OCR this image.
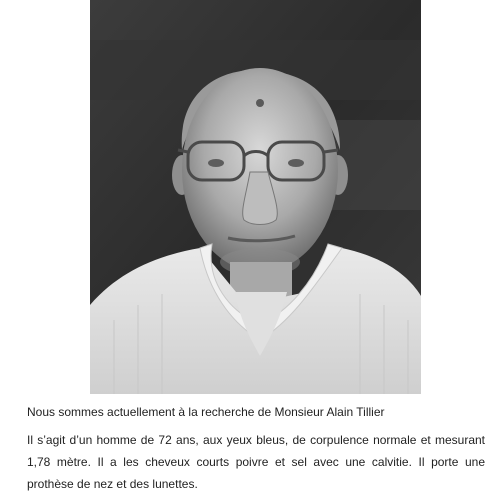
Nous sommes actuellement à la recherche de Monsieur Alain Tillier
Il s’agit d’un homme de 72 ans, aux yeux bleus, de corpulence normale et mesurant 1,78 mètre. Il a les cheveux courts poivre et sel avec une calvitie. Il porte une prothèse de nez et des lunettes.
